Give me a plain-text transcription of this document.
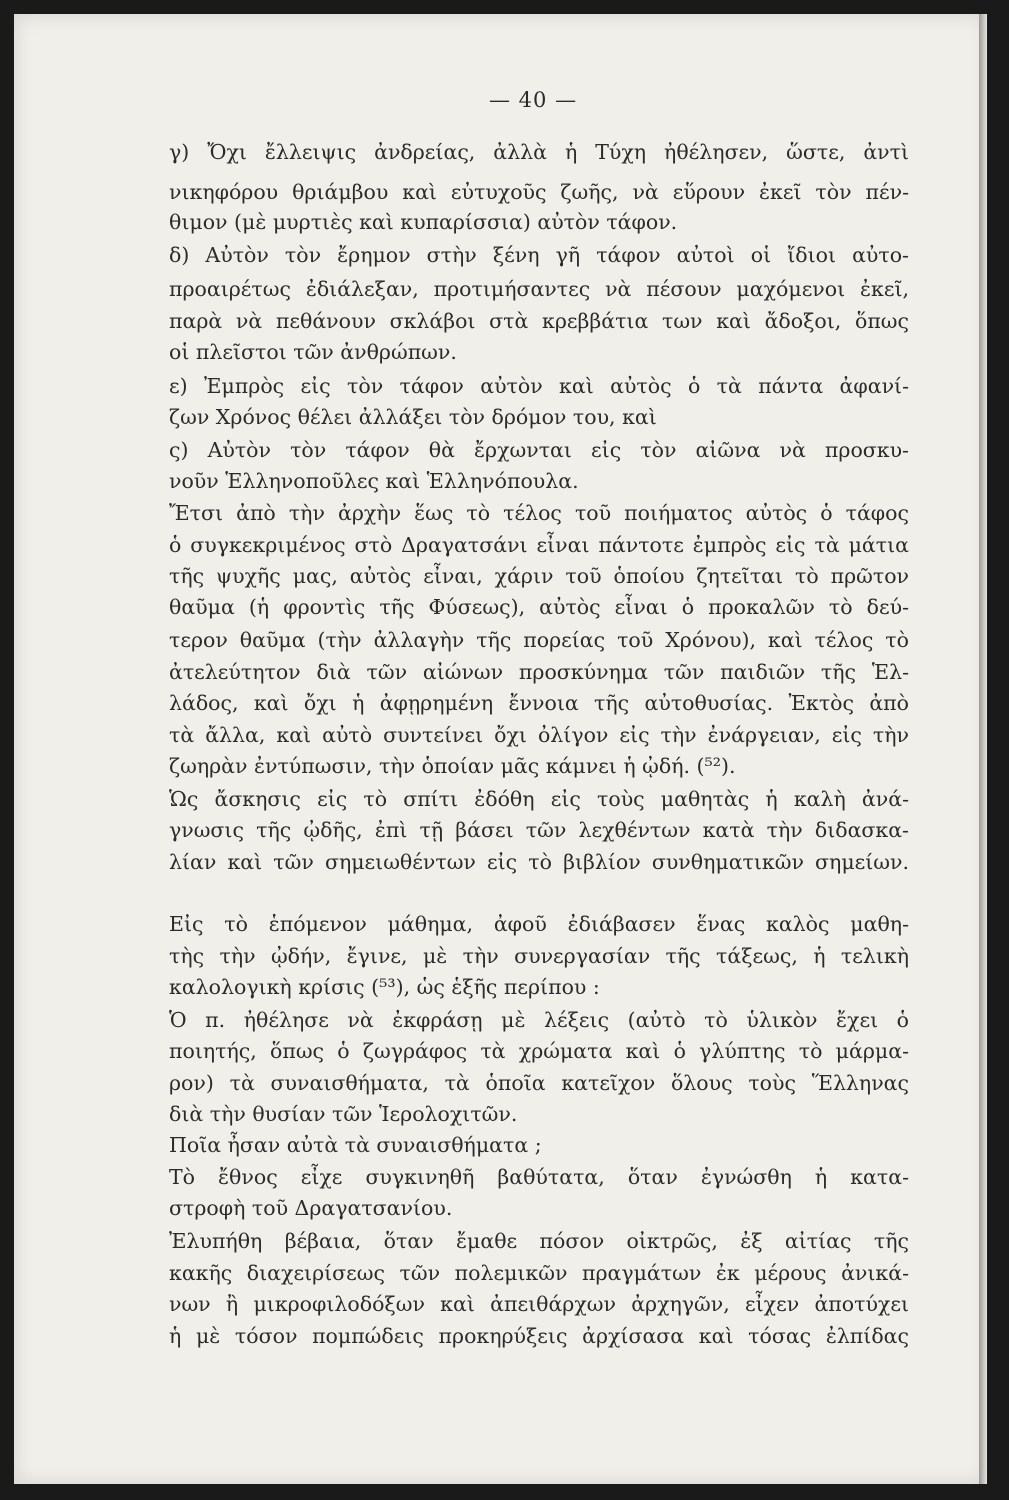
— 40 —
γ) Ὄχι ἔλλειψις ἀνδρείας, ἀλλὰ ἡ Τύχη ἠθέλησεν, ὥστε, ἀντὶ
νικηφόρου θριάμβου καὶ εὐτυχοῦς ζωῆς, νὰ εὕρουν ἐκεῖ τὸν πέν-
θιμον (μὲ μυρτιὲς καὶ κυπαρίσσια) αὐτὸν τάφον.
δ) Αὐτὸν τὸν ἔρημον στὴν ξένη γῆ τάφον αὐτοὶ οἱ ἴδιοι αὐτο-
προαιρέτως ἐδιάλεξαν, προτιμήσαντες νὰ πέσουν μαχόμενοι ἐκεῖ,
παρὰ νὰ πεθάνουν σκλάβοι στὰ κρεββάτια των καὶ ἄδοξοι, ὅπως
οἱ πλεῖστοι τῶν ἀνθρώπων.
ε) Ἐμπρὸς εἰς τὸν τάφον αὐτὸν καὶ αὐτὸς ὁ τὰ πάντα ἀφανί-
ζων Χρόνος θέλει ἀλλάξει τὸν δρόμον του, καὶ
ς) Αὐτὸν τὸν τάφον θὰ ἔρχωνται εἰς τὸν αἰῶνα νὰ προσκυ-
νοῦν Ἑλληνοποῦλες καὶ Ἑλληνόπουλα.
Ἔτσι ἀπὸ τὴν ἀρχὴν ἕως τὸ τέλος τοῦ ποιήματος αὐτὸς ὁ τάφος
ὁ συγκεκριμένος στὸ Δραγατσάνι εἶναι πάντοτε ἐμπρὸς εἰς τὰ μάτια
τῆς ψυχῆς μας, αὐτὸς εἶναι, χάριν τοῦ ὁποίου ζητεῖται τὸ πρῶτον
θαῦμα (ἡ φροντὶς τῆς Φύσεως), αὐτὸς εἶναι ὁ προκαλῶν τὸ δεύ-
τερον θαῦμα (τὴν ἀλλαγὴν τῆς πορείας τοῦ Χρόνου), καὶ τέλος τὸ
ἀτελεύτητον διὰ τῶν αἰώνων προσκύνημα τῶν παιδιῶν τῆς Ἑλ-
λάδος, καὶ ὄχι ἡ ἀφῃρημένη ἔννοια τῆς αὐτοθυσίας. Ἐκτὸς ἀπὸ
τὰ ἄλλα, καὶ αὐτὸ συντείνει ὄχι ὀλίγον εἰς τὴν ἐνάργειαν, εἰς τὴν
ζωηρὰν ἐντύπωσιν, τὴν ὁποίαν μᾶς κάμνει ἡ ᾠδή. (⁵²).
Ὡς ἄσκησις εἰς τὸ σπίτι ἐδόθη εἰς τοὺς μαθητὰς ἡ καλὴ ἀνά-
γνωσις τῆς ᾠδῆς, ἐπὶ τῇ βάσει τῶν λεχθέντων κατὰ τὴν διδασκα-
λίαν καὶ τῶν σημειωθέντων εἰς τὸ βιβλίον συνθηματικῶν σημείων.
Εἰς τὸ ἑπόμενον μάθημα, ἀφοῦ ἐδιάβασεν ἕνας καλὸς μαθη-
τὴς τὴν ᾠδήν, ἔγινε, μὲ τὴν συνεργασίαν τῆς τάξεως, ἡ τελικὴ
καλολογικὴ κρίσις (⁵³), ὡς ἑξῆς περίπου :
Ὁ π. ἠθέλησε νὰ ἐκφράσῃ μὲ λέξεις (αὐτὸ τὸ ὑλικὸν ἔχει ὁ
ποιητής, ὅπως ὁ ζωγράφος τὰ χρώματα καὶ ὁ γλύπτης τὸ μάρμα-
ρον) τὰ συναισθήματα, τὰ ὁποῖα κατεῖχον ὅλους τοὺς Ἕλληνας
διὰ τὴν θυσίαν τῶν Ἱερολοχιτῶν.
Ποῖα ἦσαν αὐτὰ τὰ συναισθήματα ;
Τὸ ἔθνος εἶχε συγκινηθῆ βαθύτατα, ὅταν ἐγνώσθη ἡ κατα-
στροφὴ τοῦ Δραγατσανίου.
Ἐλυπήθη βέβαια, ὅταν ἔμαθε πόσον οἰκτρῶς, ἐξ αἰτίας τῆς
κακῆς διαχειρίσεως τῶν πολεμικῶν πραγμάτων ἐκ μέρους ἀνικά-
νων ἢ μικροφιλοδόξων καὶ ἀπειθάρχων ἀρχηγῶν, εἶχεν ἀποτύχει
ἡ μὲ τόσον πομπώδεις προκηρύξεις ἀρχίσασα καὶ τόσας ἐλπίδας
